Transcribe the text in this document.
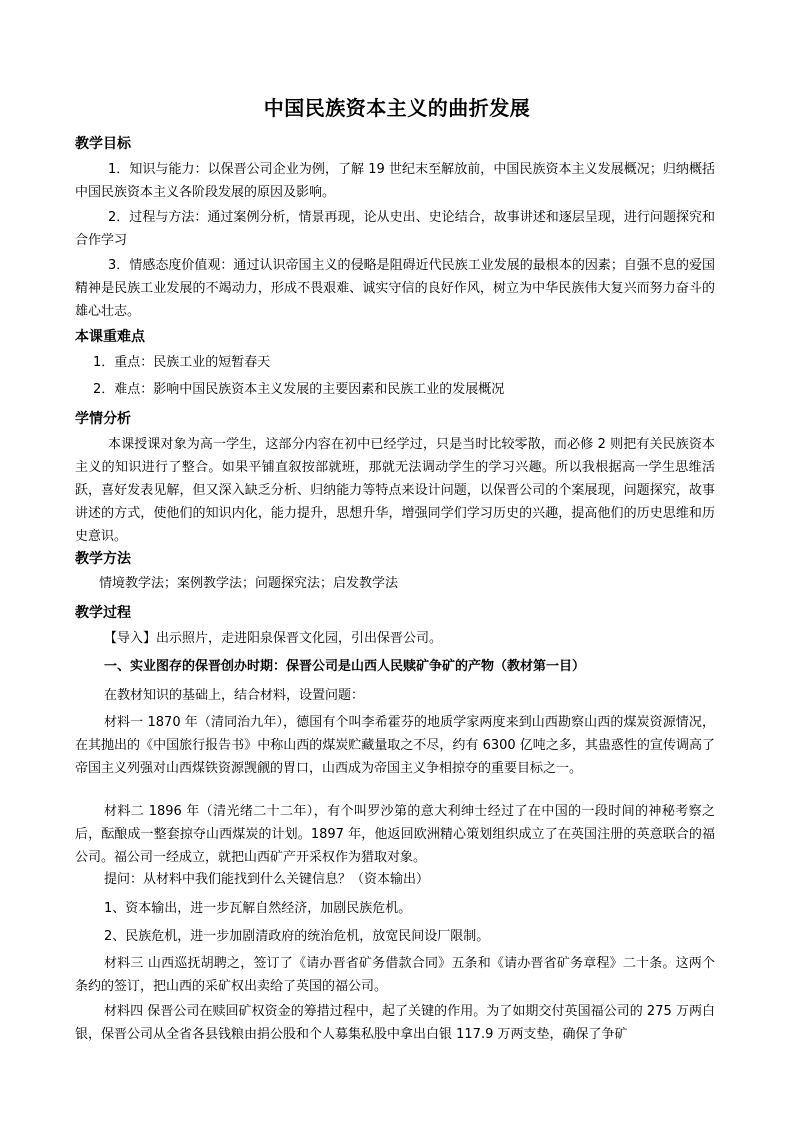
中国民族资本主义的曲折发展
教学目标
1．知识与能力：以保晋公司企业为例，了解 19 世纪末至解放前，中国民族资本主义发展概况；归纳概括中国民族资本主义各阶段发展的原因及影响。
2．过程与方法：通过案例分析，情景再现，论从史出、史论结合，故事讲述和逐层呈现，进行问题探究和合作学习
3．情感态度价值观：通过认识帝国主义的侵略是阻碍近代民族工业发展的最根本的因素；自强不息的爱国精神是民族工业发展的不竭动力，形成不畏艰难、诚实守信的良好作风，树立为中华民族伟大复兴而努力奋斗的雄心壮志。
本课重难点
1．重点：民族工业的短暂春天
2．难点：影响中国民族资本主义发展的主要因素和民族工业的发展概况
学情分析
本课授课对象为高一学生，这部分内容在初中已经学过，只是当时比较零散，而必修 2 则把有关民族资本主义的知识进行了整合。如果平铺直叙按部就班，那就无法调动学生的学习兴趣。所以我根据高一学生思维活跃，喜好发表见解，但又深入缺乏分析、归纳能力等特点来设计问题，以保晋公司的个案展现，问题探究，故事讲述的方式，使他们的知识内化，能力提升，思想升华，增强同学们学习历史的兴趣，提高他们的历史思维和历史意识。
教学方法
情境教学法；案例教学法；问题探究法；启发教学法
教学过程
【导入】出示照片，走进阳泉保晋文化园，引出保晋公司。
一、实业图存的保晋创办时期：保晋公司是山西人民赎矿争矿的产物（教材第一目）
在教材知识的基础上，结合材料，设置问题：
材料一 1870 年（清同治九年），德国有个叫李希霍芬的地质学家两度来到山西勘察山西的煤炭资源情况，在其抛出的《中国旅行报告书》中称山西的煤炭贮藏量取之不尽，约有 6300 亿吨之多，其蛊惑性的宣传调高了帝国主义列强对山西煤铁资源觊觎的胃口，山西成为帝国主义争相掠夺的重要目标之一。
材料二 1896 年（清光绪二十二年），有个叫罗沙第的意大利绅士经过了在中国的一段时间的神秘考察之后，酝酿成一整套掠夺山西煤炭的计划。1897 年，他返回欧洲精心策划组织成立了在英国注册的英意联合的福公司。福公司一经成立，就把山西矿产开采权作为猎取对象。
提问：从材料中我们能找到什么关键信息？（资本输出）
1、资本输出，进一步瓦解自然经济，加剧民族危机。
2、民族危机，进一步加剧清政府的统治危机，放宽民间设厂限制。
材料三 山西巡抚胡聘之，签订了《请办晋省矿务借款合同》五条和《请办晋省矿务章程》二十条。这两个条约的签订，把山西的采矿权出卖给了英国的福公司。
材料四 保晋公司在赎回矿权资金的筹措过程中，起了关键的作用。为了如期交付英国福公司的 275 万两白银，保晋公司从全省各县钱粮由捐公股和个人募集私股中拿出白银 117.9 万两支垫，确保了争矿
